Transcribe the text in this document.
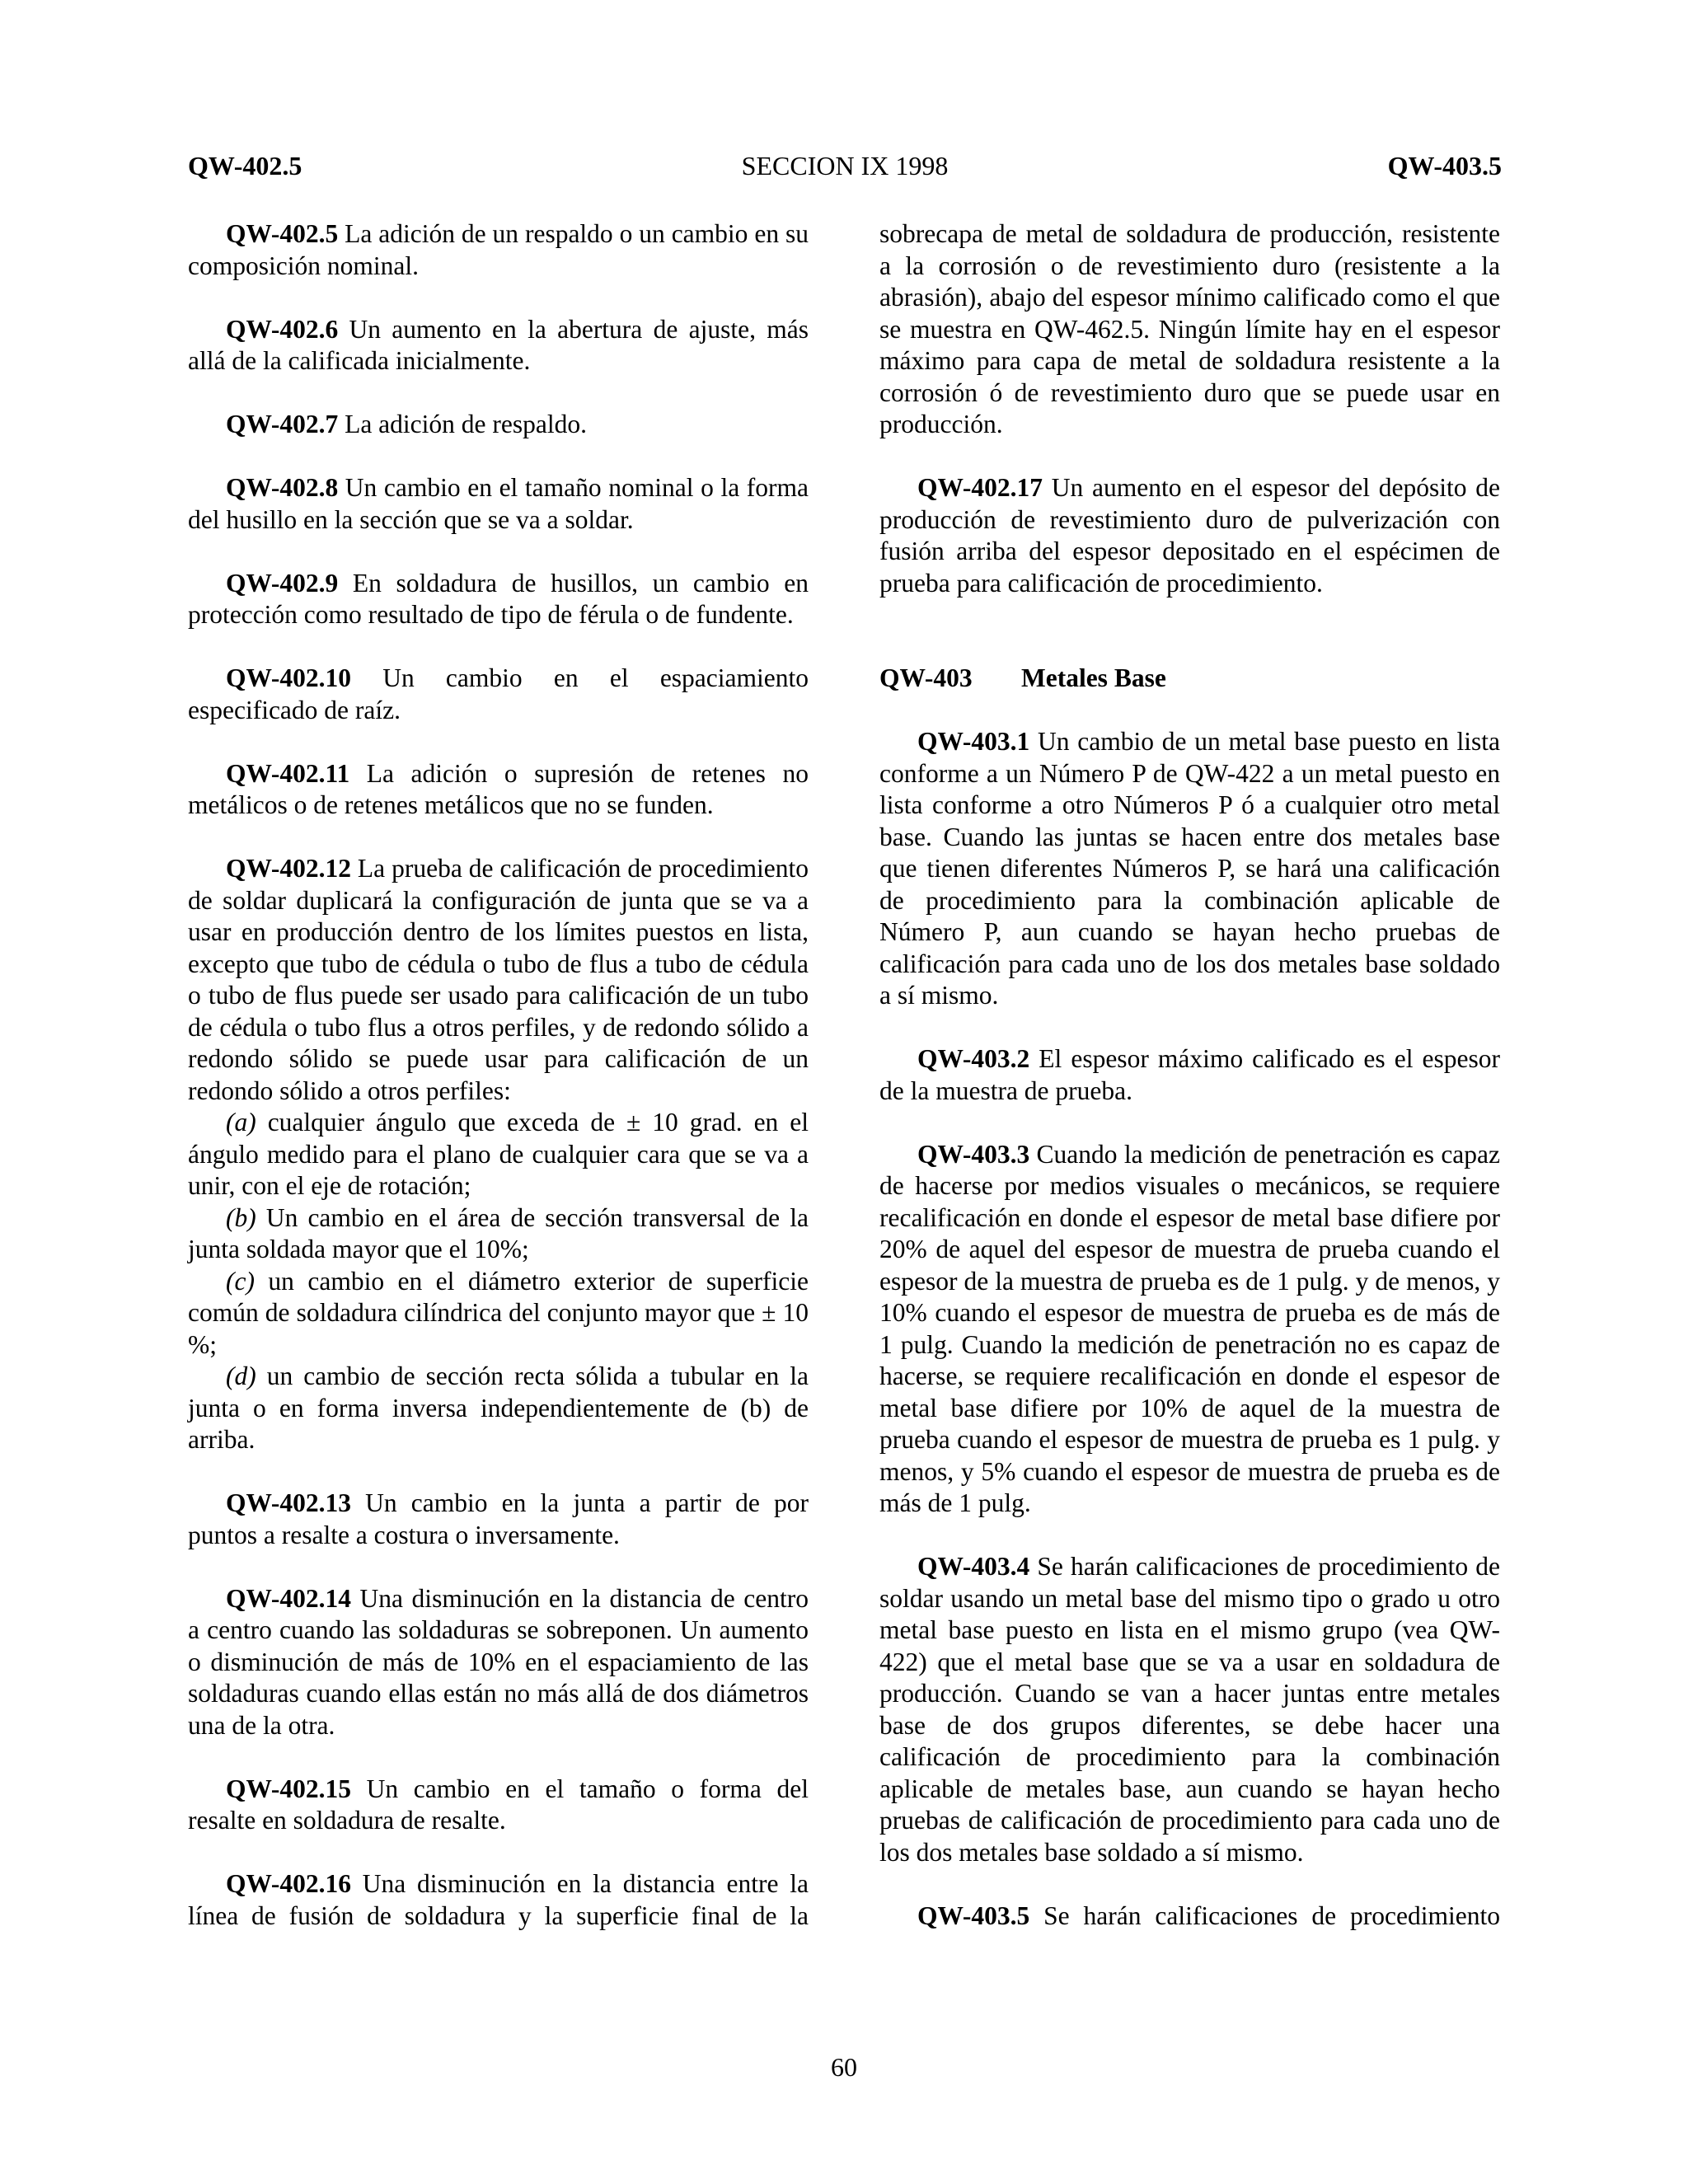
QW-402.5	SECCION IX 1998	QW-403.5

QW-402.5 La adición de un respaldo o un cambio en su composición nominal.

QW-402.6 Un aumento en la abertura de ajuste, más allá de la calificada inicialmente.

QW-402.7 La adición de respaldo.

QW-402.8 Un cambio en el tamaño nominal o la forma del husillo en la sección que se va a soldar.

QW-402.9 En soldadura de husillos, un cambio en protección como resultado de tipo de férula o de fundente.

QW-402.10 Un cambio en el espaciamiento especificado de raíz.

QW-402.11 La adición o supresión de retenes no metálicos o de retenes metálicos que no se funden.

QW-402.12 La prueba de calificación de procedimiento de soldar duplicará la configuración de junta que se va a usar en producción dentro de los límites puestos en lista, excepto que tubo de cédula o tubo de flus a tubo de cédula o tubo de flus puede ser usado para calificación de un tubo de cédula o tubo flus a otros perfiles, y de redondo sólido a redondo sólido se puede usar para calificación de un redondo sólido a otros perfiles:

(a) cualquier ángulo que exceda de ± 10 grad. en el ángulo medido para el plano de cualquier cara que se va a unir, con el eje de rotación;

(b) Un cambio en el área de sección transversal de la junta soldada mayor que el 10%;

(c) un cambio en el diámetro exterior de superficie común de soldadura cilíndrica del conjunto mayor que ± 10 %;

(d) un cambio de sección recta sólida a tubular en la junta o en forma inversa independientemente de (b) de arriba.

QW-402.13 Un cambio en la junta a partir de por puntos a resalte a costura o inversamente.

QW-402.14 Una disminución en la distancia de centro a centro cuando las soldaduras se sobreponen. Un aumento o disminución de más de 10% en el espaciamiento de las soldaduras cuando ellas están no más allá de dos diámetros una de la otra.

QW-402.15 Un cambio en el tamaño o forma del resalte en soldadura de resalte.

QW-402.16 Una disminución en la distancia entre la línea de fusión de soldadura y la superficie final de la

sobrecapa de metal de soldadura de producción, resistente a la corrosión o de revestimiento duro (resistente a la abrasión), abajo del espesor mínimo calificado como el que se muestra en QW-462.5. Ningún límite hay en el espesor máximo para capa de metal de soldadura resistente a la corrosión ó de revestimiento duro que se puede usar en producción.

QW-402.17 Un aumento en el espesor del depósito de producción de revestimiento duro de pulverización con fusión arriba del espesor depositado en el espécimen de prueba para calificación de procedimiento.

QW-403 Metales Base

QW-403.1 Un cambio de un metal base puesto en lista conforme a un Número P de QW-422 a un metal puesto en lista conforme a otro Números P ó a cualquier otro metal base. Cuando las juntas se hacen entre dos metales base que tienen diferentes Números P, se hará una calificación de procedimiento para la combinación aplicable de Número P, aun cuando se hayan hecho pruebas de calificación para cada uno de los dos metales base soldado a sí mismo.

QW-403.2 El espesor máximo calificado es el espesor de la muestra de prueba.

QW-403.3 Cuando la medición de penetración es capaz de hacerse por medios visuales o mecánicos, se requiere recalificación en donde el espesor de metal base difiere por 20% de aquel del espesor de muestra de prueba cuando el espesor de la muestra de prueba es de 1 pulg. y de menos, y 10% cuando el espesor de muestra de prueba es de más de 1 pulg. Cuando la medición de penetración no es capaz de hacerse, se requiere recalificación en donde el espesor de metal base difiere por 10% de aquel de la muestra de prueba cuando el espesor de muestra de prueba es 1 pulg. y menos, y 5% cuando el espesor de muestra de prueba es de más de 1 pulg.

QW-403.4 Se harán calificaciones de procedimiento de soldar usando un metal base del mismo tipo o grado u otro metal base puesto en lista en el mismo grupo (vea QW-422) que el metal base que se va a usar en soldadura de producción. Cuando se van a hacer juntas entre metales base de dos grupos diferentes, se debe hacer una calificación de procedimiento para la combinación aplicable de metales base, aun cuando se hayan hecho pruebas de calificación de procedimiento para cada uno de los dos metales base soldado a sí mismo.

QW-403.5 Se harán calificaciones de procedimiento

60
